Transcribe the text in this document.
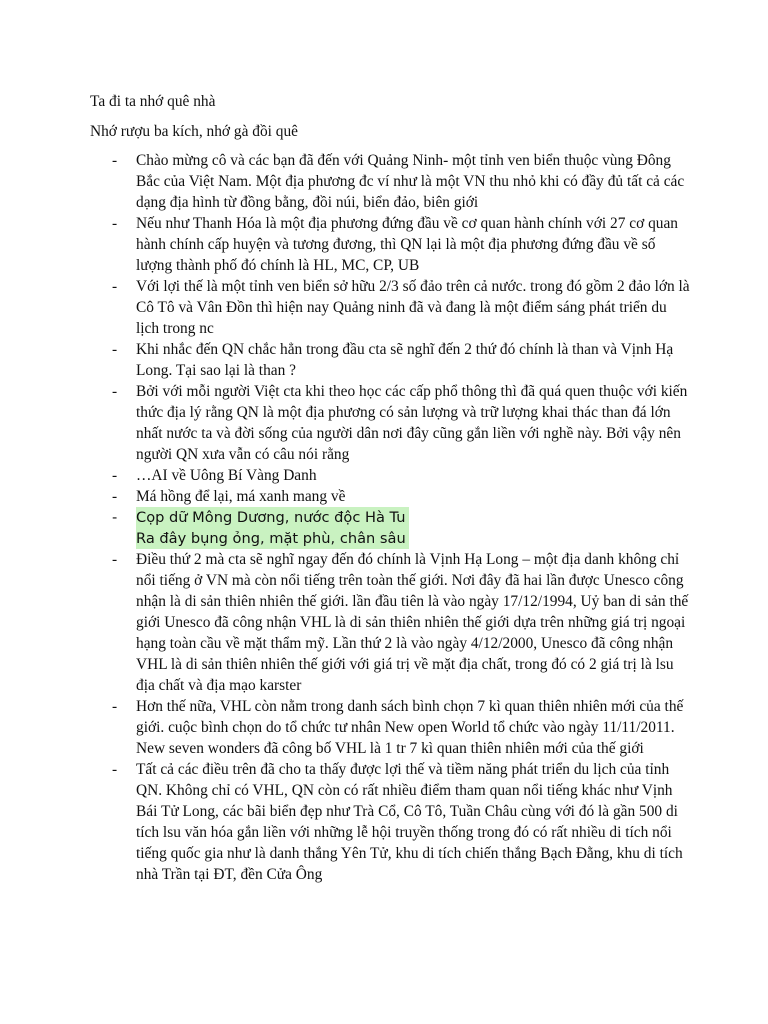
Ta đi ta nhớ quê nhà

Nhớ rượu ba kích, nhớ gà đồi quê

- Chào mừng cô và các bạn đã đến với Quảng Ninh- một tỉnh ven biển thuộc vùng Đông Bắc của Việt Nam. Một địa phương đc ví như là một VN thu nhỏ khi có đầy đủ tất cả các dạng địa hình từ đồng bằng, đồi núi, biển đảo, biên giới
- Nếu như Thanh Hóa là một địa phương đứng đầu về cơ quan hành chính với 27 cơ quan hành chính cấp huyện và tương đương, thì QN lại là một địa phương đứng đầu về số lượng thành phố đó chính là HL, MC, CP, UB
- Với lợi thế là một tỉnh ven biển sở hữu 2/3 số đảo trên cả nước. trong đó gồm 2 đảo lớn là Cô Tô và Vân Đồn thì hiện nay Quảng ninh đã và đang là một điểm sáng phát triển du lịch trong nc
- Khi nhắc đến QN chắc hẳn trong đầu cta sẽ nghĩ đến 2 thứ đó chính là than và Vịnh Hạ Long. Tại sao lại là than ?
- Bởi với mỗi người Việt cta khi theo học các cấp phổ thông thì đã quá quen thuộc với kiến thức địa lý rằng QN là một địa phương có sản lượng và trữ lượng khai thác than đá lớn nhất nước ta và đời sống của người dân nơi đây cũng gắn liền với nghề này. Bởi vậy nên người QN xưa vẫn có câu nói rằng
- …AI về Uông Bí Vàng Danh
- Má hồng để lại, má xanh mang về
- Cọp dữ Mông Dương, nước độc Hà Tu
Ra đây bụng ỏng, mặt phù, chân sâu
- Điều thứ 2 mà cta sẽ nghĩ ngay đến đó chính là Vịnh Hạ Long – một địa danh không chỉ nổi tiếng ở VN mà còn nổi tiếng trên toàn thế giới. Nơi đây đã hai lần được Unesco công nhận là di sản thiên nhiên thế giới. lần đầu tiên là vào ngày 17/12/1994, Uỷ ban di sản thế giới Unesco đã công nhận VHL là di sản thiên nhiên thế giới dựa trên những giá trị ngoại hạng toàn cầu về mặt thẩm mỹ. Lần thứ 2 là vào ngày 4/12/2000, Unesco đã công nhận VHL là di sản thiên nhiên thế giới với giá trị về mặt địa chất, trong đó có 2 giá trị là lsu địa chất và địa mạo karster
- Hơn thế nữa, VHL còn nằm trong danh sách bình chọn 7 kì quan thiên nhiên mới của thế giới. cuộc bình chọn do tổ chức tư nhân New open World tổ chức vào ngày 11/11/2011. New seven wonders đã công bố VHL là 1 tr 7 kì quan thiên nhiên mới của thế giới
- Tất cả các điều trên đã cho ta thấy được lợi thế và tiềm năng phát triển du lịch của tỉnh QN. Không chỉ có VHL, QN còn có rất nhiều điểm tham quan nổi tiếng khác như Vịnh Bái Tử Long, các bãi biển đẹp như Trà Cổ, Cô Tô, Tuần Châu cùng với đó là gần 500 di tích lsu văn hóa gắn liền với những lễ hội truyền thống trong đó có rất nhiều di tích nổi tiếng quốc gia như là danh thắng Yên Tử, khu di tích chiến thắng Bạch Đằng, khu di tích nhà Trần tại ĐT, đền Cửa Ông
